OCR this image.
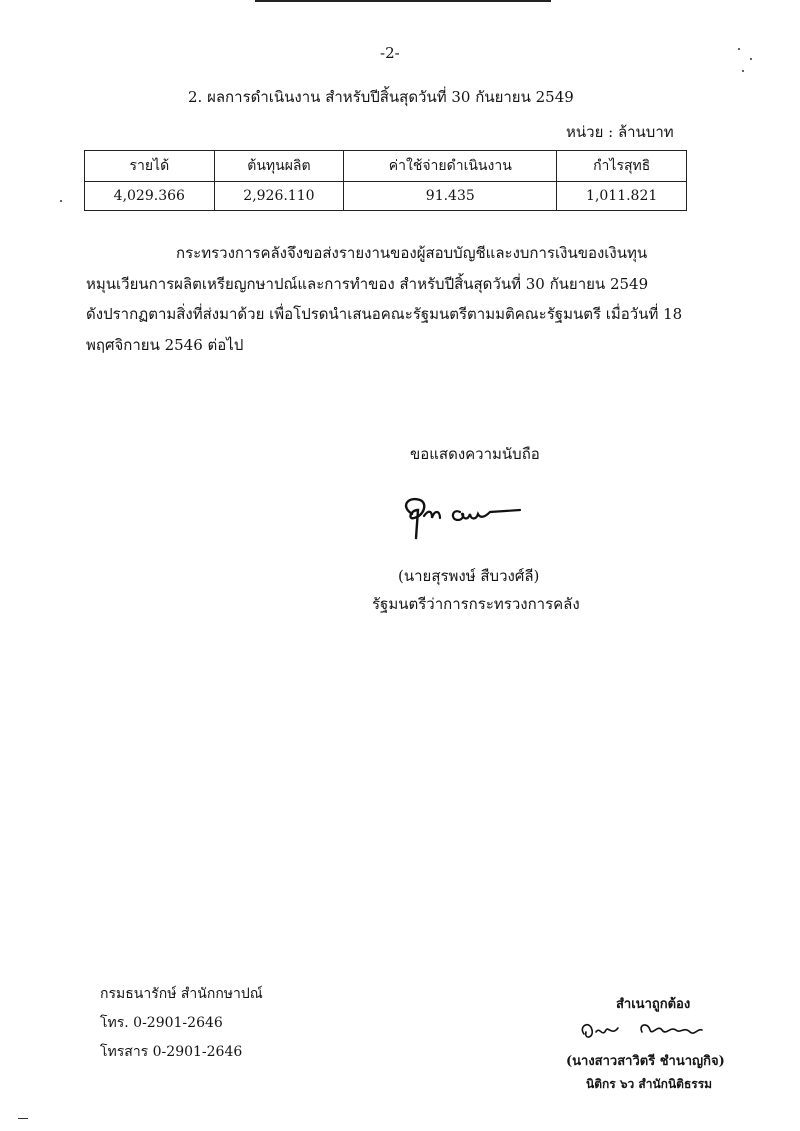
-2-
2. ผลการดำเนินงาน สำหรับปีสิ้นสุดวันที่ 30 กันยายน 2549
หน่วย : ล้านบาท
รายได้	ต้นทุนผลิต	ค่าใช้จ่ายดำเนินงาน	กำไรสุทธิ
4,029.366	2,926.110	91.435	1,011.821

กระทรวงการคลังจึงขอส่งรายงานของผู้สอบบัญชีและงบการเงินของเงินทุน
หมุนเวียนการผลิตเหรียญกษาปณ์และการทำของ สำหรับปีสิ้นสุดวันที่ 30 กันยายน 2549
ดังปรากฏตามสิ่งที่ส่งมาด้วย เพื่อโปรดนำเสนอคณะรัฐมนตรีตามมติคณะรัฐมนตรี เมื่อวันที่ 18
พฤศจิกายน 2546 ต่อไป

ขอแสดงความนับถือ
(นายสุรพงษ์ สืบวงศ์ลี)
รัฐมนตรีว่าการกระทรวงการคลัง
กรมธนารักษ์ สำนักกษาปณ์
โทร. 0-2901-2646
โทรสาร 0-2901-2646
สำเนาถูกต้อง
(นางสาวสาวิตรี ชำนาญกิจ)
นิติกร ๖ว สำนักนิติธรรม
